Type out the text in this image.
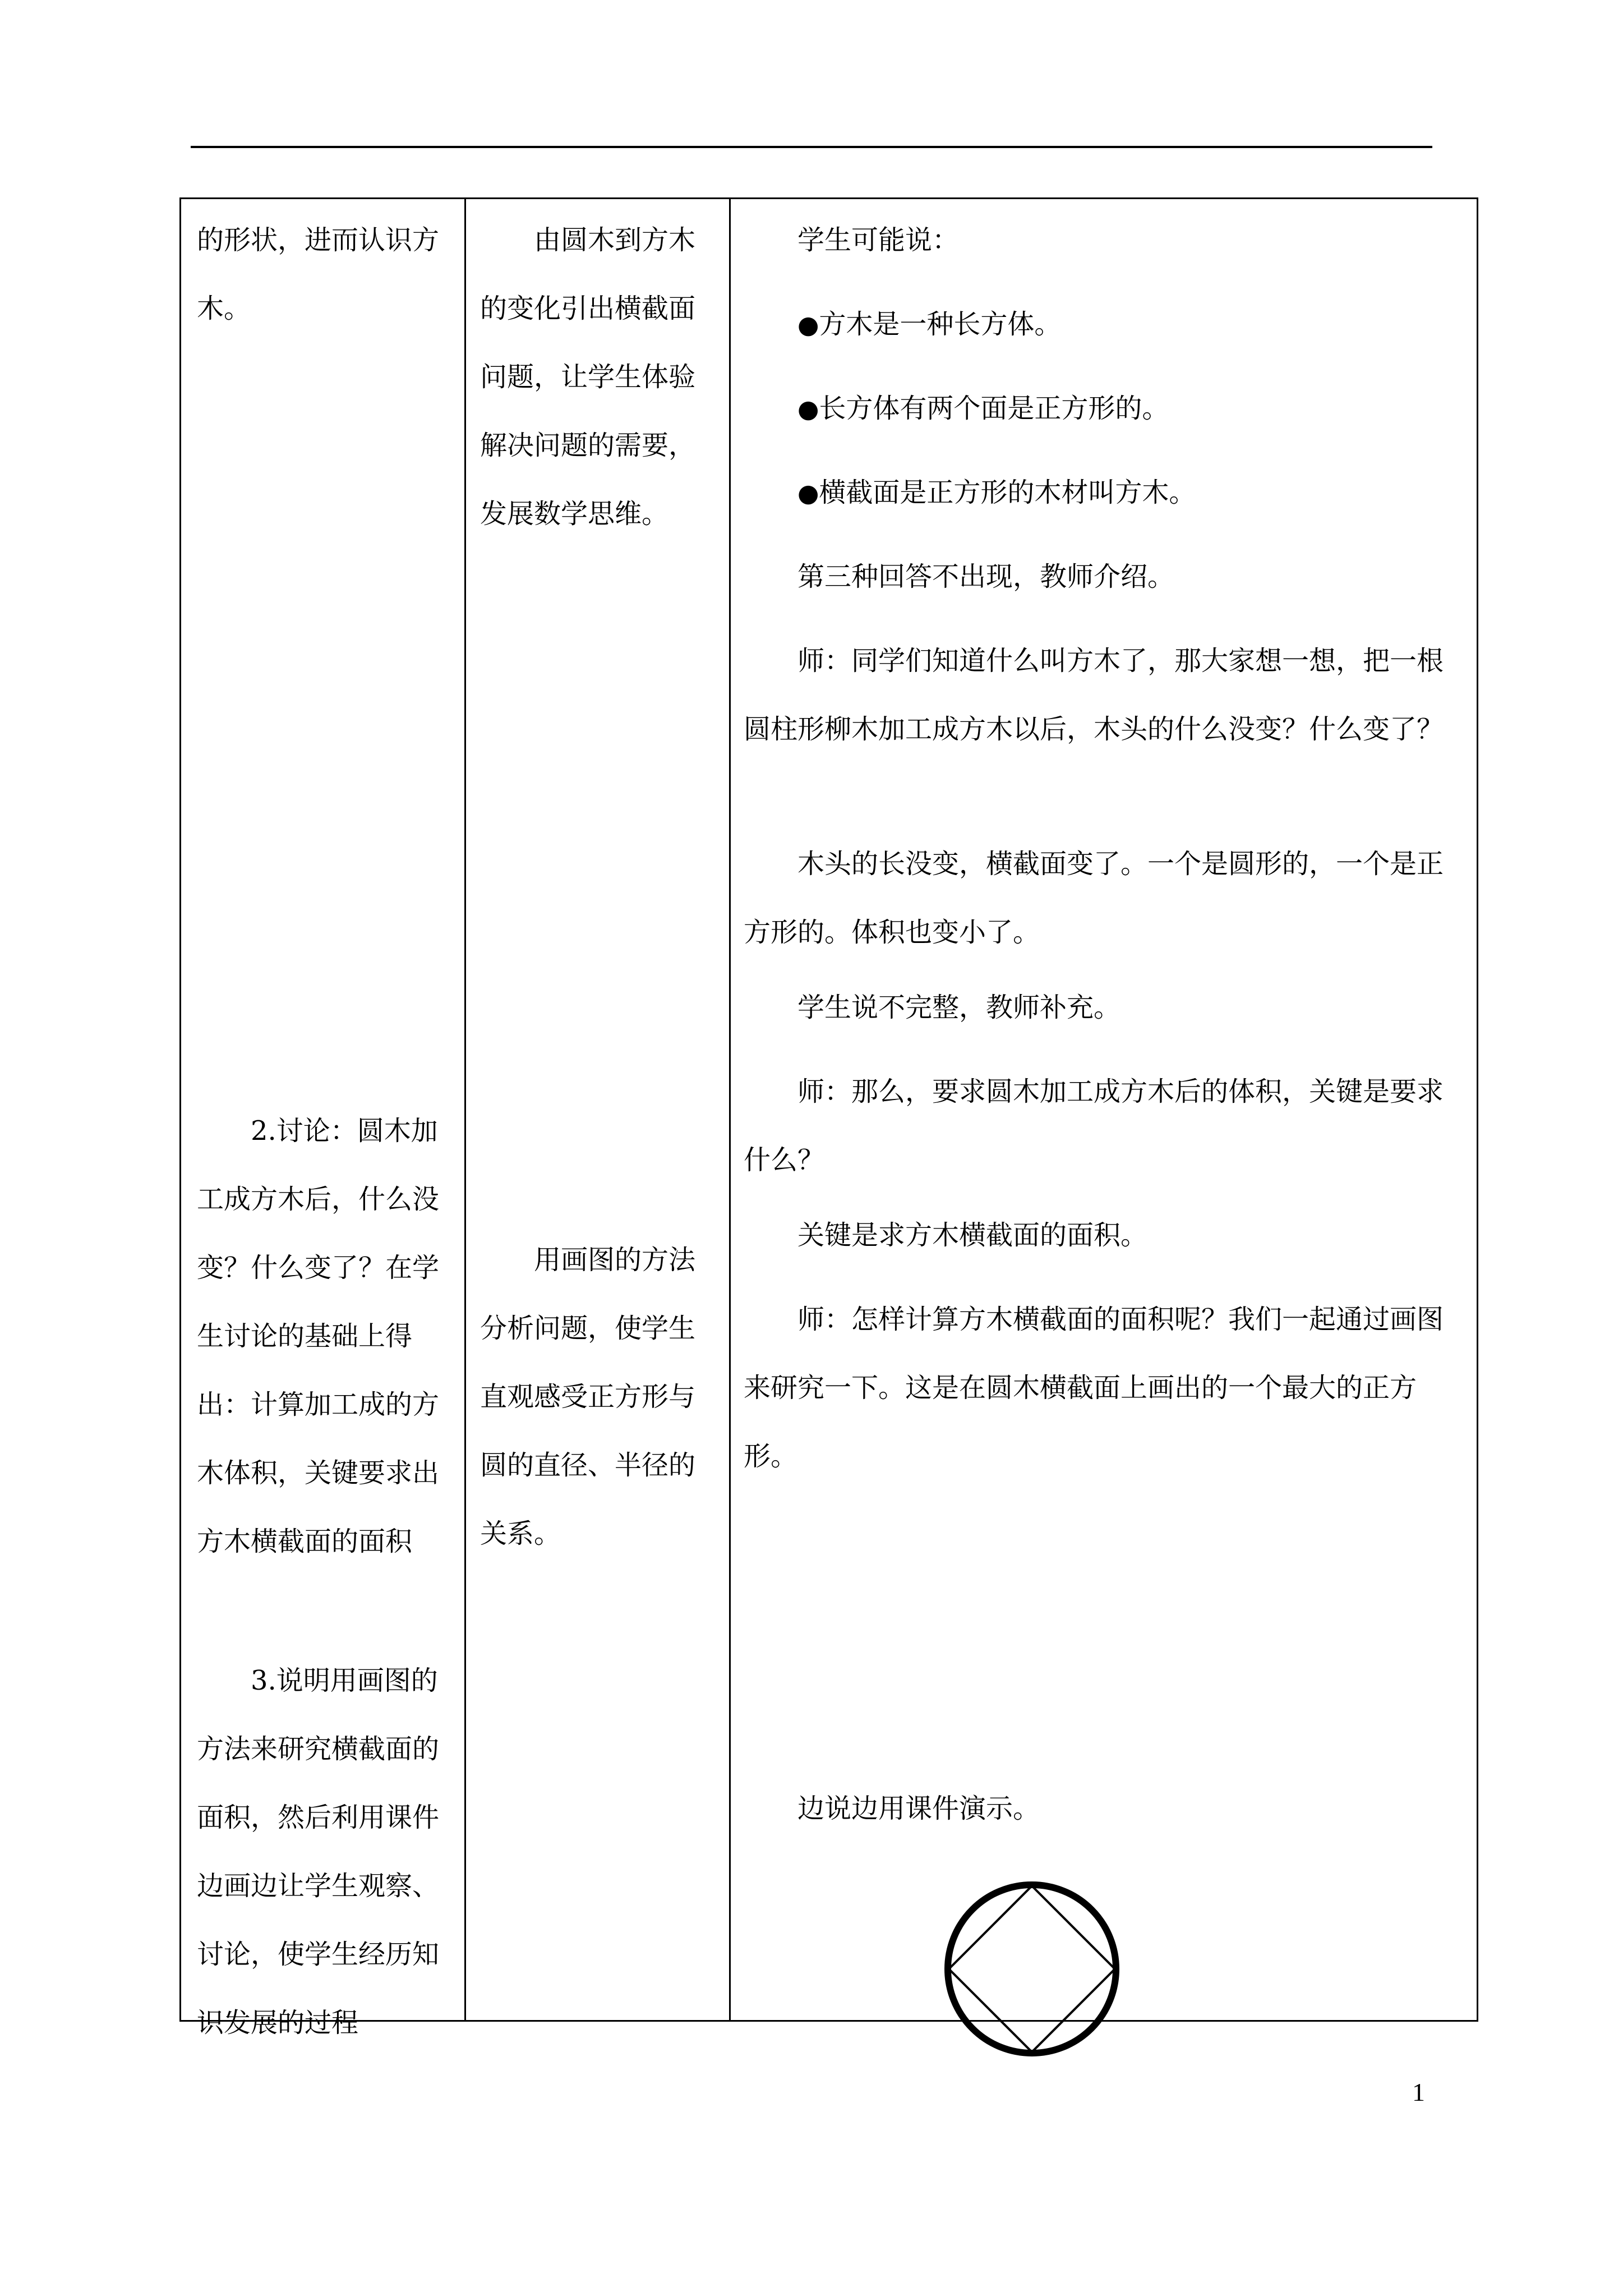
的形状，进而认识方木。
2.讨论：圆木加工成方木后，什么没变？什么变了？在学生讨论的基础上得出：计算加工成的方木体积，关键要求出方木横截面的面积
3.说明用画图的方法来研究横截面的面积，然后利用课件边画边让学生观察、讨论，使学生经历知识发展的过程
由圆木到方木的变化引出横截面问题，让学生体验解决问题的需要，发展数学思维。
用画图的方法分析问题，使学生直观感受正方形与圆的直径、半径的关系。
学生可能说：
●方木是一种长方体。
●长方体有两个面是正方形的。
●横截面是正方形的木材叫方木。
第三种回答不出现，教师介绍。
师：同学们知道什么叫方木了，那大家想一想，把一根圆柱形柳木加工成方木以后，木头的什么没变？什么变了？
木头的长没变，横截面变了。一个是圆形的，一个是正方形的。体积也变小了。
学生说不完整，教师补充。
师：那么，要求圆木加工成方木后的体积，关键是要求什么？
关键是求方木横截面的面积。
师：怎样计算方木横截面的面积呢？我们一起通过画图来研究一下。这是在圆木横截面上画出的一个最大的正方形。
边说边用课件演示。
1
